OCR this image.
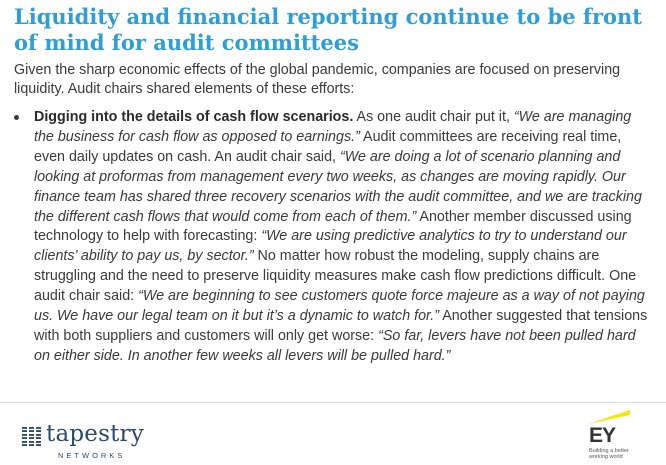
Liquidity and financial reporting continue to be front of mind for audit committees

Given the sharp economic effects of the global pandemic, companies are focused on preserving liquidity. Audit chairs shared elements of these efforts:

Digging into the details of cash flow scenarios. As one audit chair put it, “We are managing the business for cash flow as opposed to earnings.” Audit committees are receiving real time, even daily updates on cash. An audit chair said, “We are doing a lot of scenario planning and looking at proformas from management every two weeks, as changes are moving rapidly. Our finance team has shared three recovery scenarios with the audit committee, and we are tracking the different cash flows that would come from each of them.” Another member discussed using technology to help with forecasting: “We are using predictive analytics to try to understand our clients’ ability to pay us, by sector.” No matter how robust the modeling, supply chains are struggling and the need to preserve liquidity measures make cash flow predictions difficult. One audit chair said: “We are beginning to see customers quote force majeure as a way of not paying us. We have our legal team on it but it’s a dynamic to watch for.” Another suggested that tensions with both suppliers and customers will only get worse: “So far, levers have not been pulled hard on either side. In another few weeks all levers will be pulled hard.”
tapestry
NETWORKS
EY
Building a better working world
